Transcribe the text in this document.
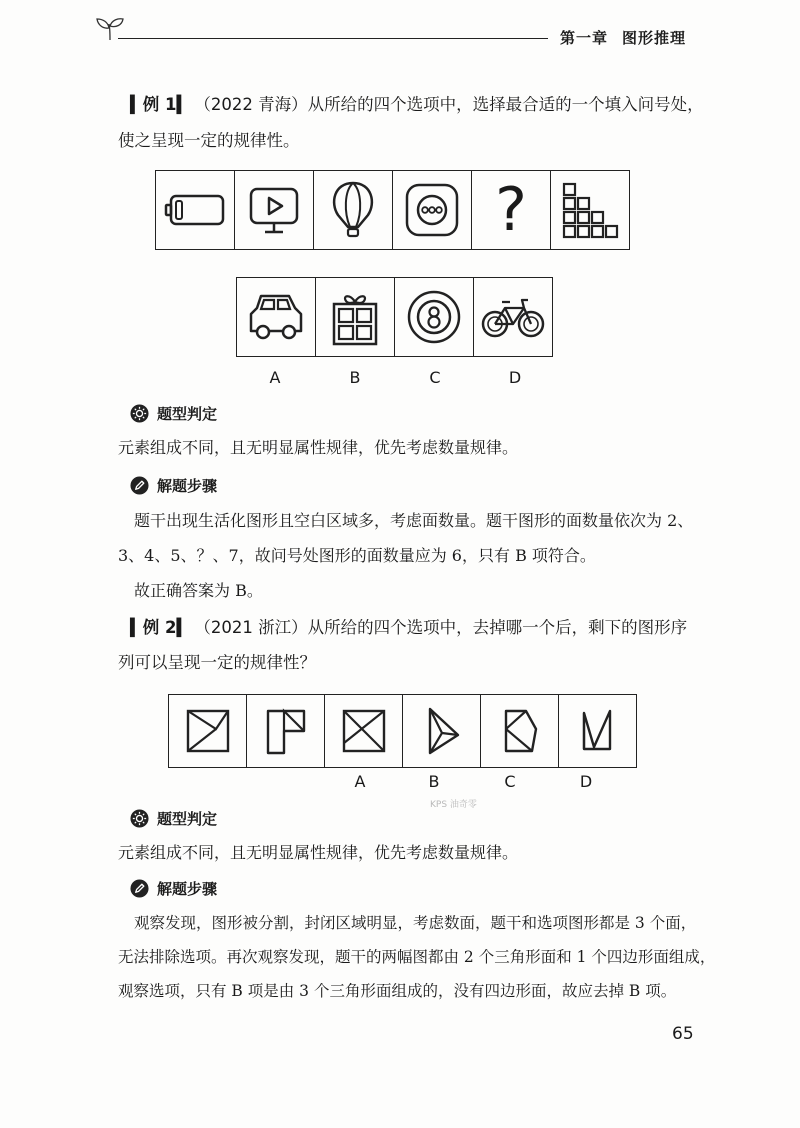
第一章 图形推理
▍例 1▍ （2022 青海）从所给的四个选项中，选择最合适的一个填入问号处，
使之呈现一定的规律性。
?
A	B	C	D
题型判定
元素组成不同，且无明显属性规律，优先考虑数量规律。
解题步骤
题干出现生活化图形且空白区域多，考虑面数量。题干图形的面数量依次为 2、
3、4、5、？、7，故问号处图形的面数量应为 6，只有 B 项符合。
故正确答案为 B。
▍例 2▍ （2021 浙江）从所给的四个选项中，去掉哪一个后，剩下的图形序
列可以呈现一定的规律性？
A	B	C	D
KPS 油奇零
题型判定
元素组成不同，且无明显属性规律，优先考虑数量规律。
解题步骤
观察发现，图形被分割，封闭区域明显，考虑数面，题干和选项图形都是 3 个面，
无法排除选项。再次观察发现，题干的两幅图都由 2 个三角形面和 1 个四边形面组成，
观察选项，只有 B 项是由 3 个三角形面组成的，没有四边形面，故应去掉 B 项。
65
